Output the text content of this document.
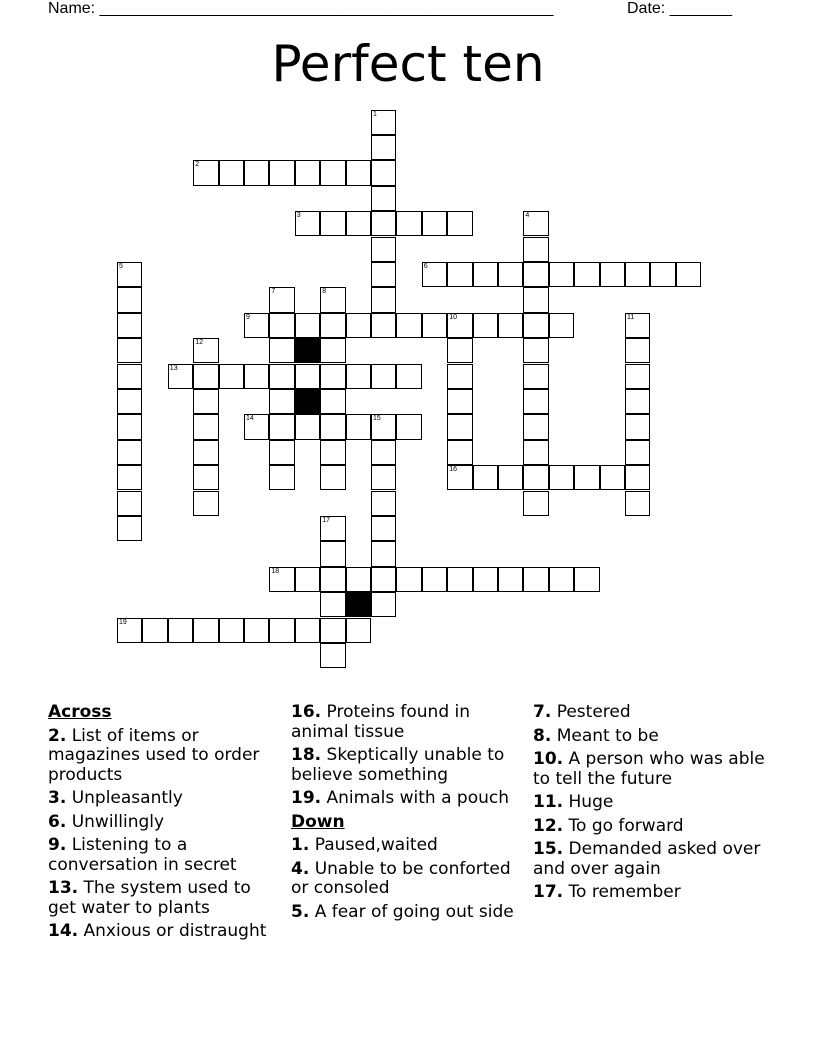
Name: ___________________________________________________	Date: _______
Perfect ten
1
2
3	4
5	6
7	8
9	10	11
12
13
14	15
16
17
18
19
Across
2. List of items or magazines used to order products
3. Unpleasantly
6. Unwillingly
9. Listening to a conversation in secret
13. The system used to get water to plants
14. Anxious or distraught
16. Proteins found in animal tissue
18. Skeptically unable to believe something
19. Animals with a pouch
Down
1. Paused,waited
4. Unable to be conforted or consoled
5. A fear of going out side
7. Pestered
8. Meant to be
10. A person who was able to tell the future
11. Huge
12. To go forward
15. Demanded asked over and over again
17. To remember
